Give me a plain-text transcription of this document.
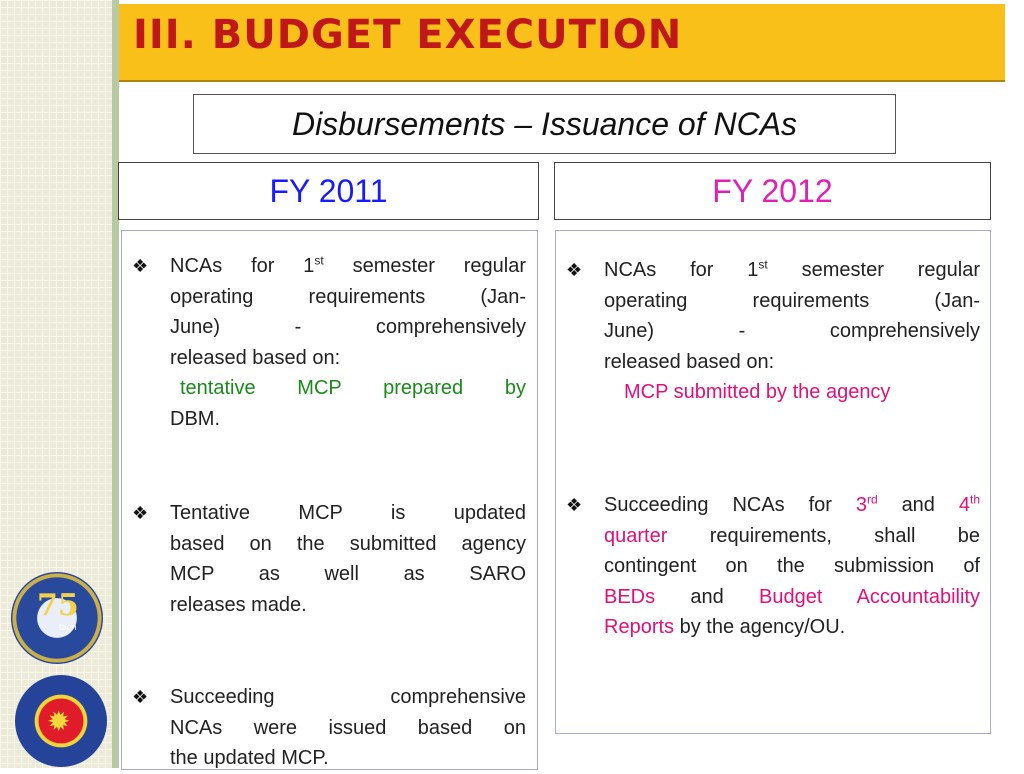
III. BUDGET EXECUTION
Disbursements – Issuance of NCAs
FY 2011	FY 2012
❖ NCAs for 1st semester regular
operating requirements (Jan-
June) - comprehensively
released based on:
tentative MCP prepared by
DBM.
❖ Tentative MCP is updated
based on the submitted agency
MCP as well as SARO
releases made.
❖ Succeeding comprehensive
NCAs were issued based on
the updated MCP.
❖ NCAs for 1st semester regular
operating requirements (Jan-
June) - comprehensively
released based on:
MCP submitted by the agency
❖ Succeeding NCAs for 3rd and 4th
quarter requirements, shall be
contingent on the submission of
BEDs and Budget Accountability
Reports by the agency/OU.
75
taon
✹
